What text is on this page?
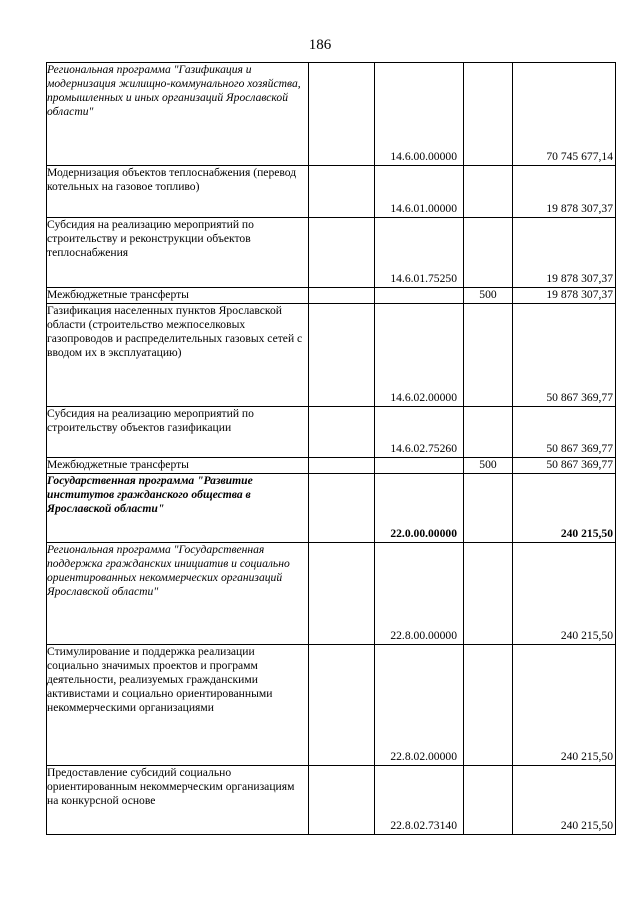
186
Региональная программа "Газификация и модернизация жилищно-коммунального хозяйства, промышленных и иных организаций Ярославской области"		14.6.00.00000		70 745 677,14
Модернизация объектов теплоснабжения (перевод котельных на газовое топливо)		14.6.01.00000		19 878 307,37
Субсидия на реализацию мероприятий по строительству и реконструкции объектов теплоснабжения		14.6.01.75250		19 878 307,37
Межбюджетные трансферты			500	19 878 307,37
Газификация населенных пунктов Ярославской области (строительство межпоселковых газопроводов и распределительных газовых сетей с вводом их в эксплуатацию)		14.6.02.00000		50 867 369,77
Субсидия на реализацию мероприятий по строительству объектов газификации		14.6.02.75260		50 867 369,77
Межбюджетные трансферты			500	50 867 369,77
Государственная программа "Развитие институтов гражданского общества в Ярославской области"		22.0.00.00000		240 215,50
Региональная программа "Государственная поддержка гражданских инициатив и социально ориентированных некоммерческих организаций Ярославской области"		22.8.00.00000		240 215,50
Стимулирование и поддержка реализации социально значимых проектов и программ деятельности, реализуемых гражданскими активистами и социально ориентированными некоммерческими организациями		22.8.02.00000		240 215,50
Предоставление субсидий социально ориентированным некоммерческим организациям на конкурсной основе		22.8.02.73140		240 215,50
